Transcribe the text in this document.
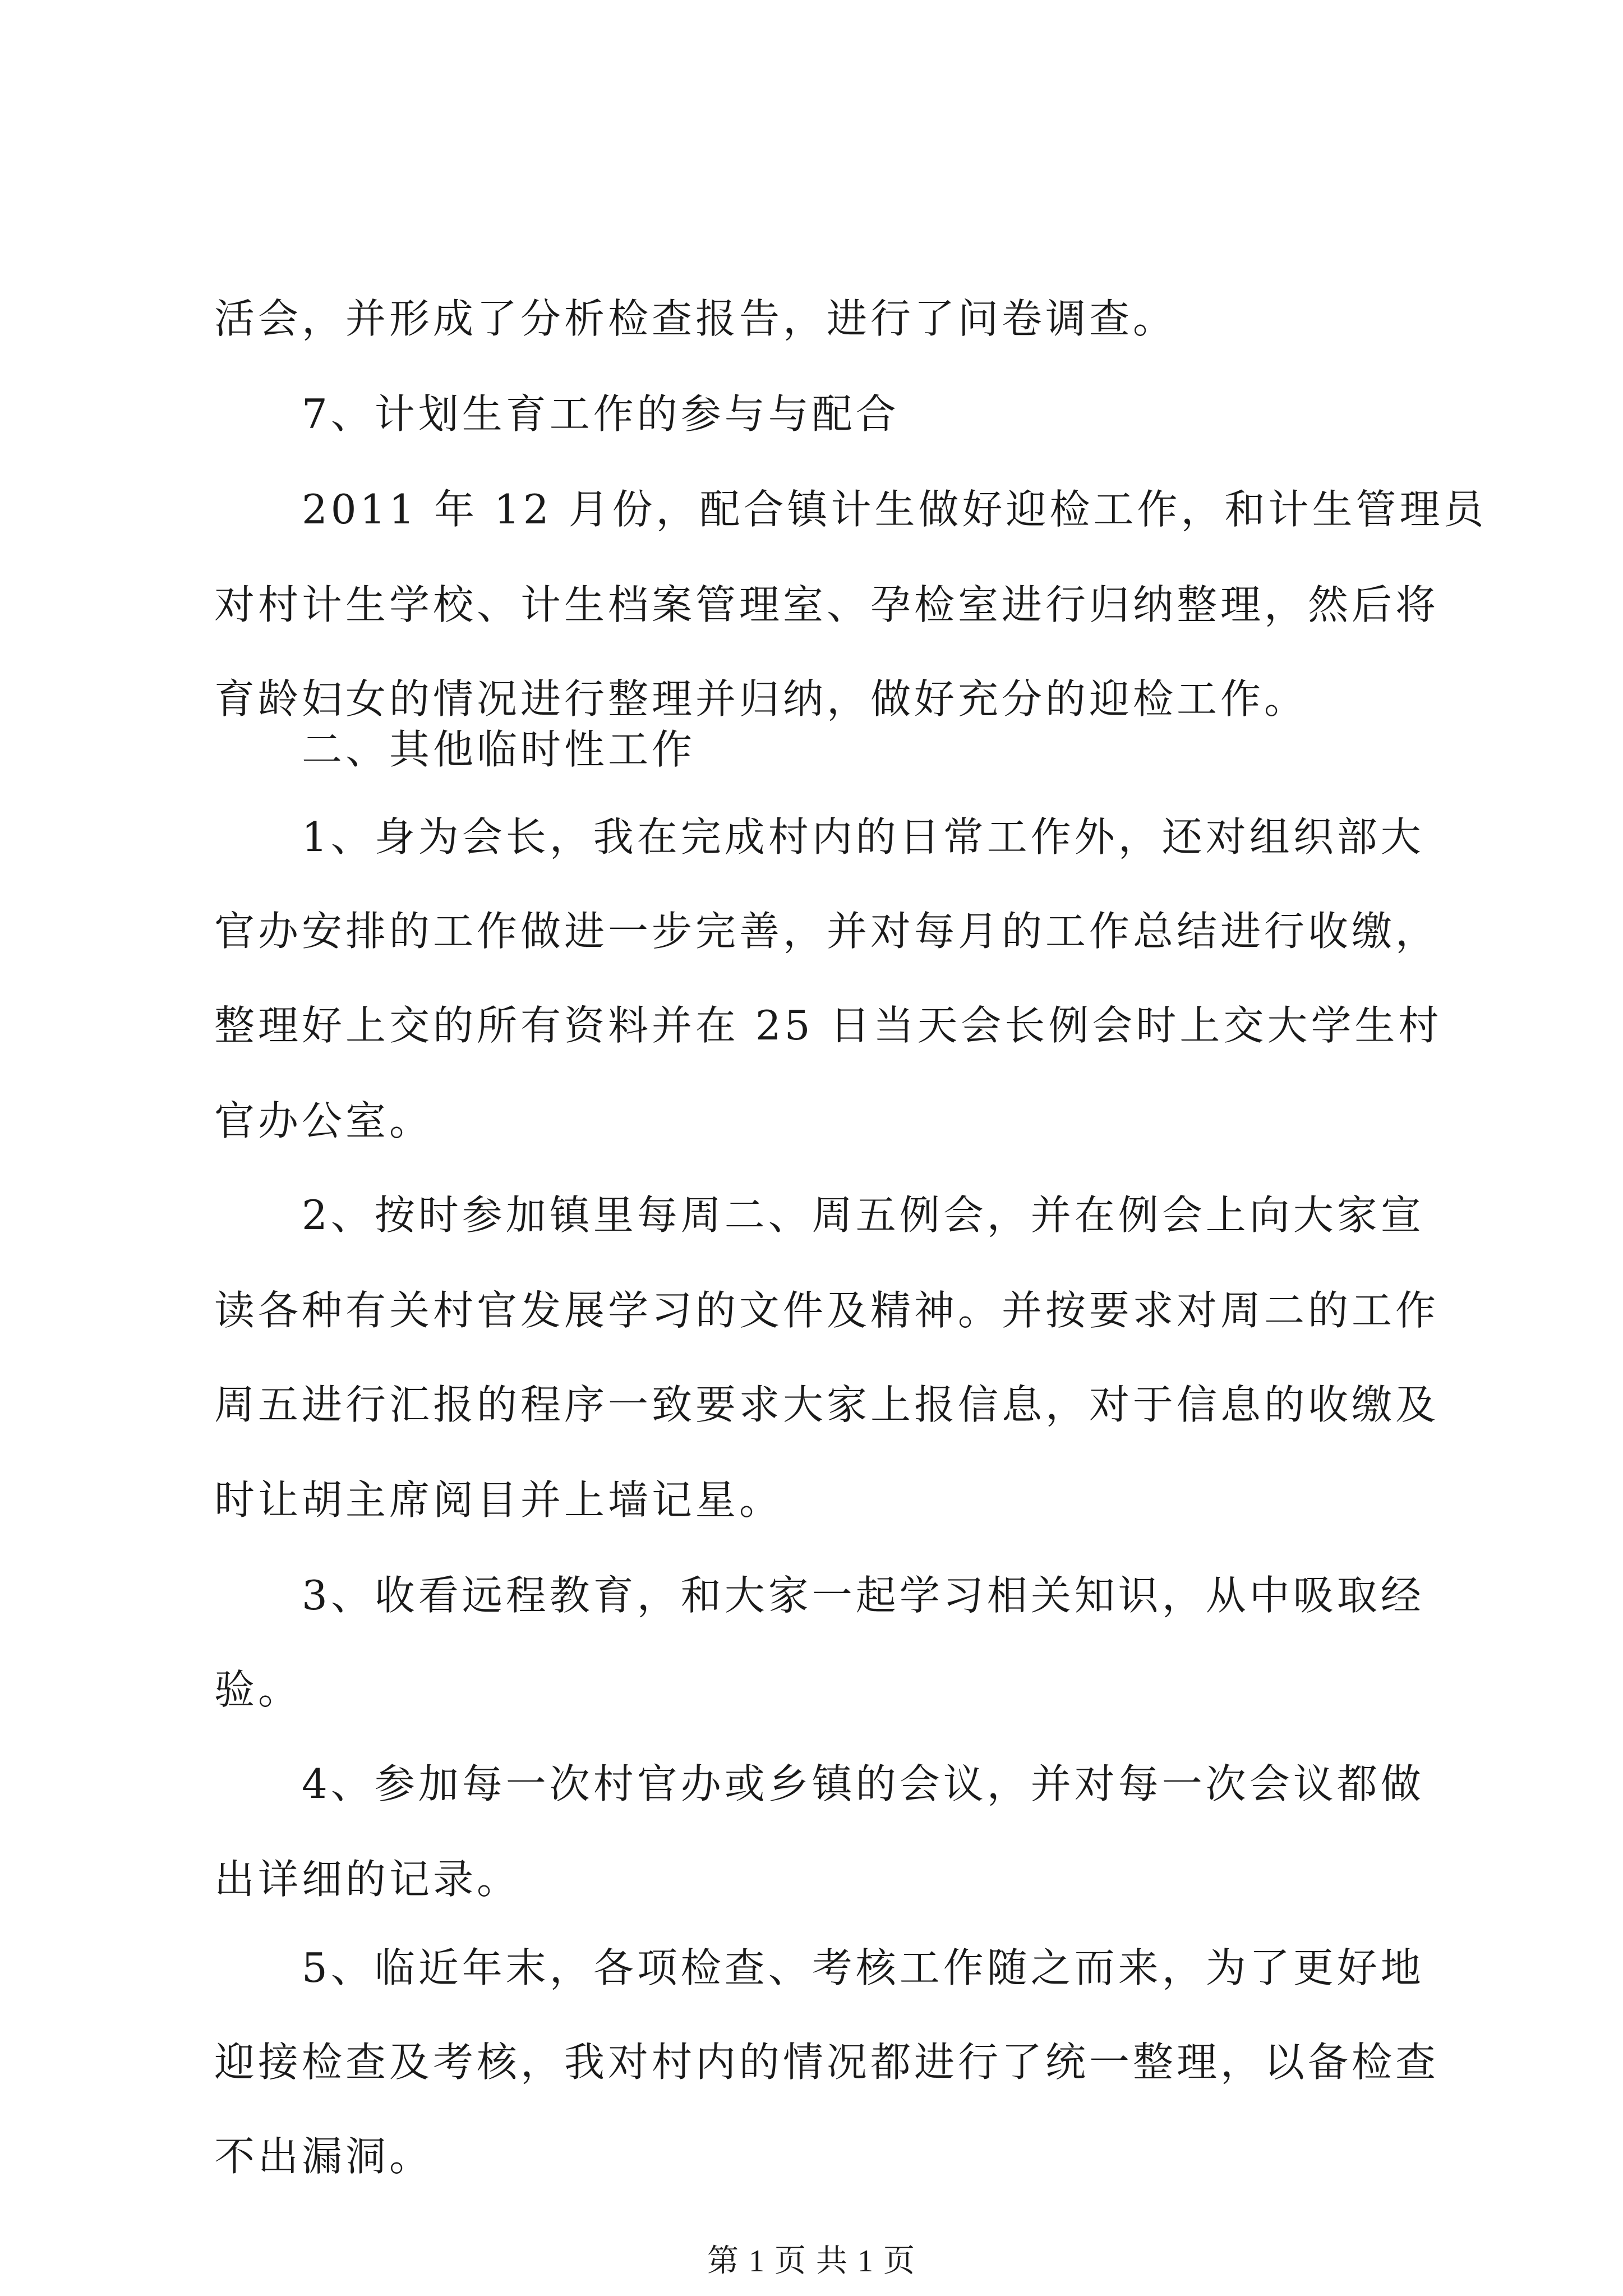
活会，并形成了分析检查报告，进行了问卷调查。
7、计划生育工作的参与与配合
2011 年 12 月份，配合镇计生做好迎检工作，和计生管理员
对村计生学校、计生档案管理室、孕检室进行归纳整理，然后将
育龄妇女的情况进行整理并归纳，做好充分的迎检工作。
二、其他临时性工作
1、身为会长，我在完成村内的日常工作外，还对组织部大
官办安排的工作做进一步完善，并对每月的工作总结进行收缴，
整理好上交的所有资料并在 25 日当天会长例会时上交大学生村
官办公室。
2、按时参加镇里每周二、周五例会，并在例会上向大家宣
读各种有关村官发展学习的文件及精神。并按要求对周二的工作
周五进行汇报的程序一致要求大家上报信息，对于信息的收缴及
时让胡主席阅目并上墙记星。
3、收看远程教育，和大家一起学习相关知识，从中吸取经
验。
4、参加每一次村官办或乡镇的会议，并对每一次会议都做
出详细的记录。
5、临近年末，各项检查、考核工作随之而来，为了更好地
迎接检查及考核，我对村内的情况都进行了统一整理，以备检查
不出漏洞。
第 1 页 共 1 页
